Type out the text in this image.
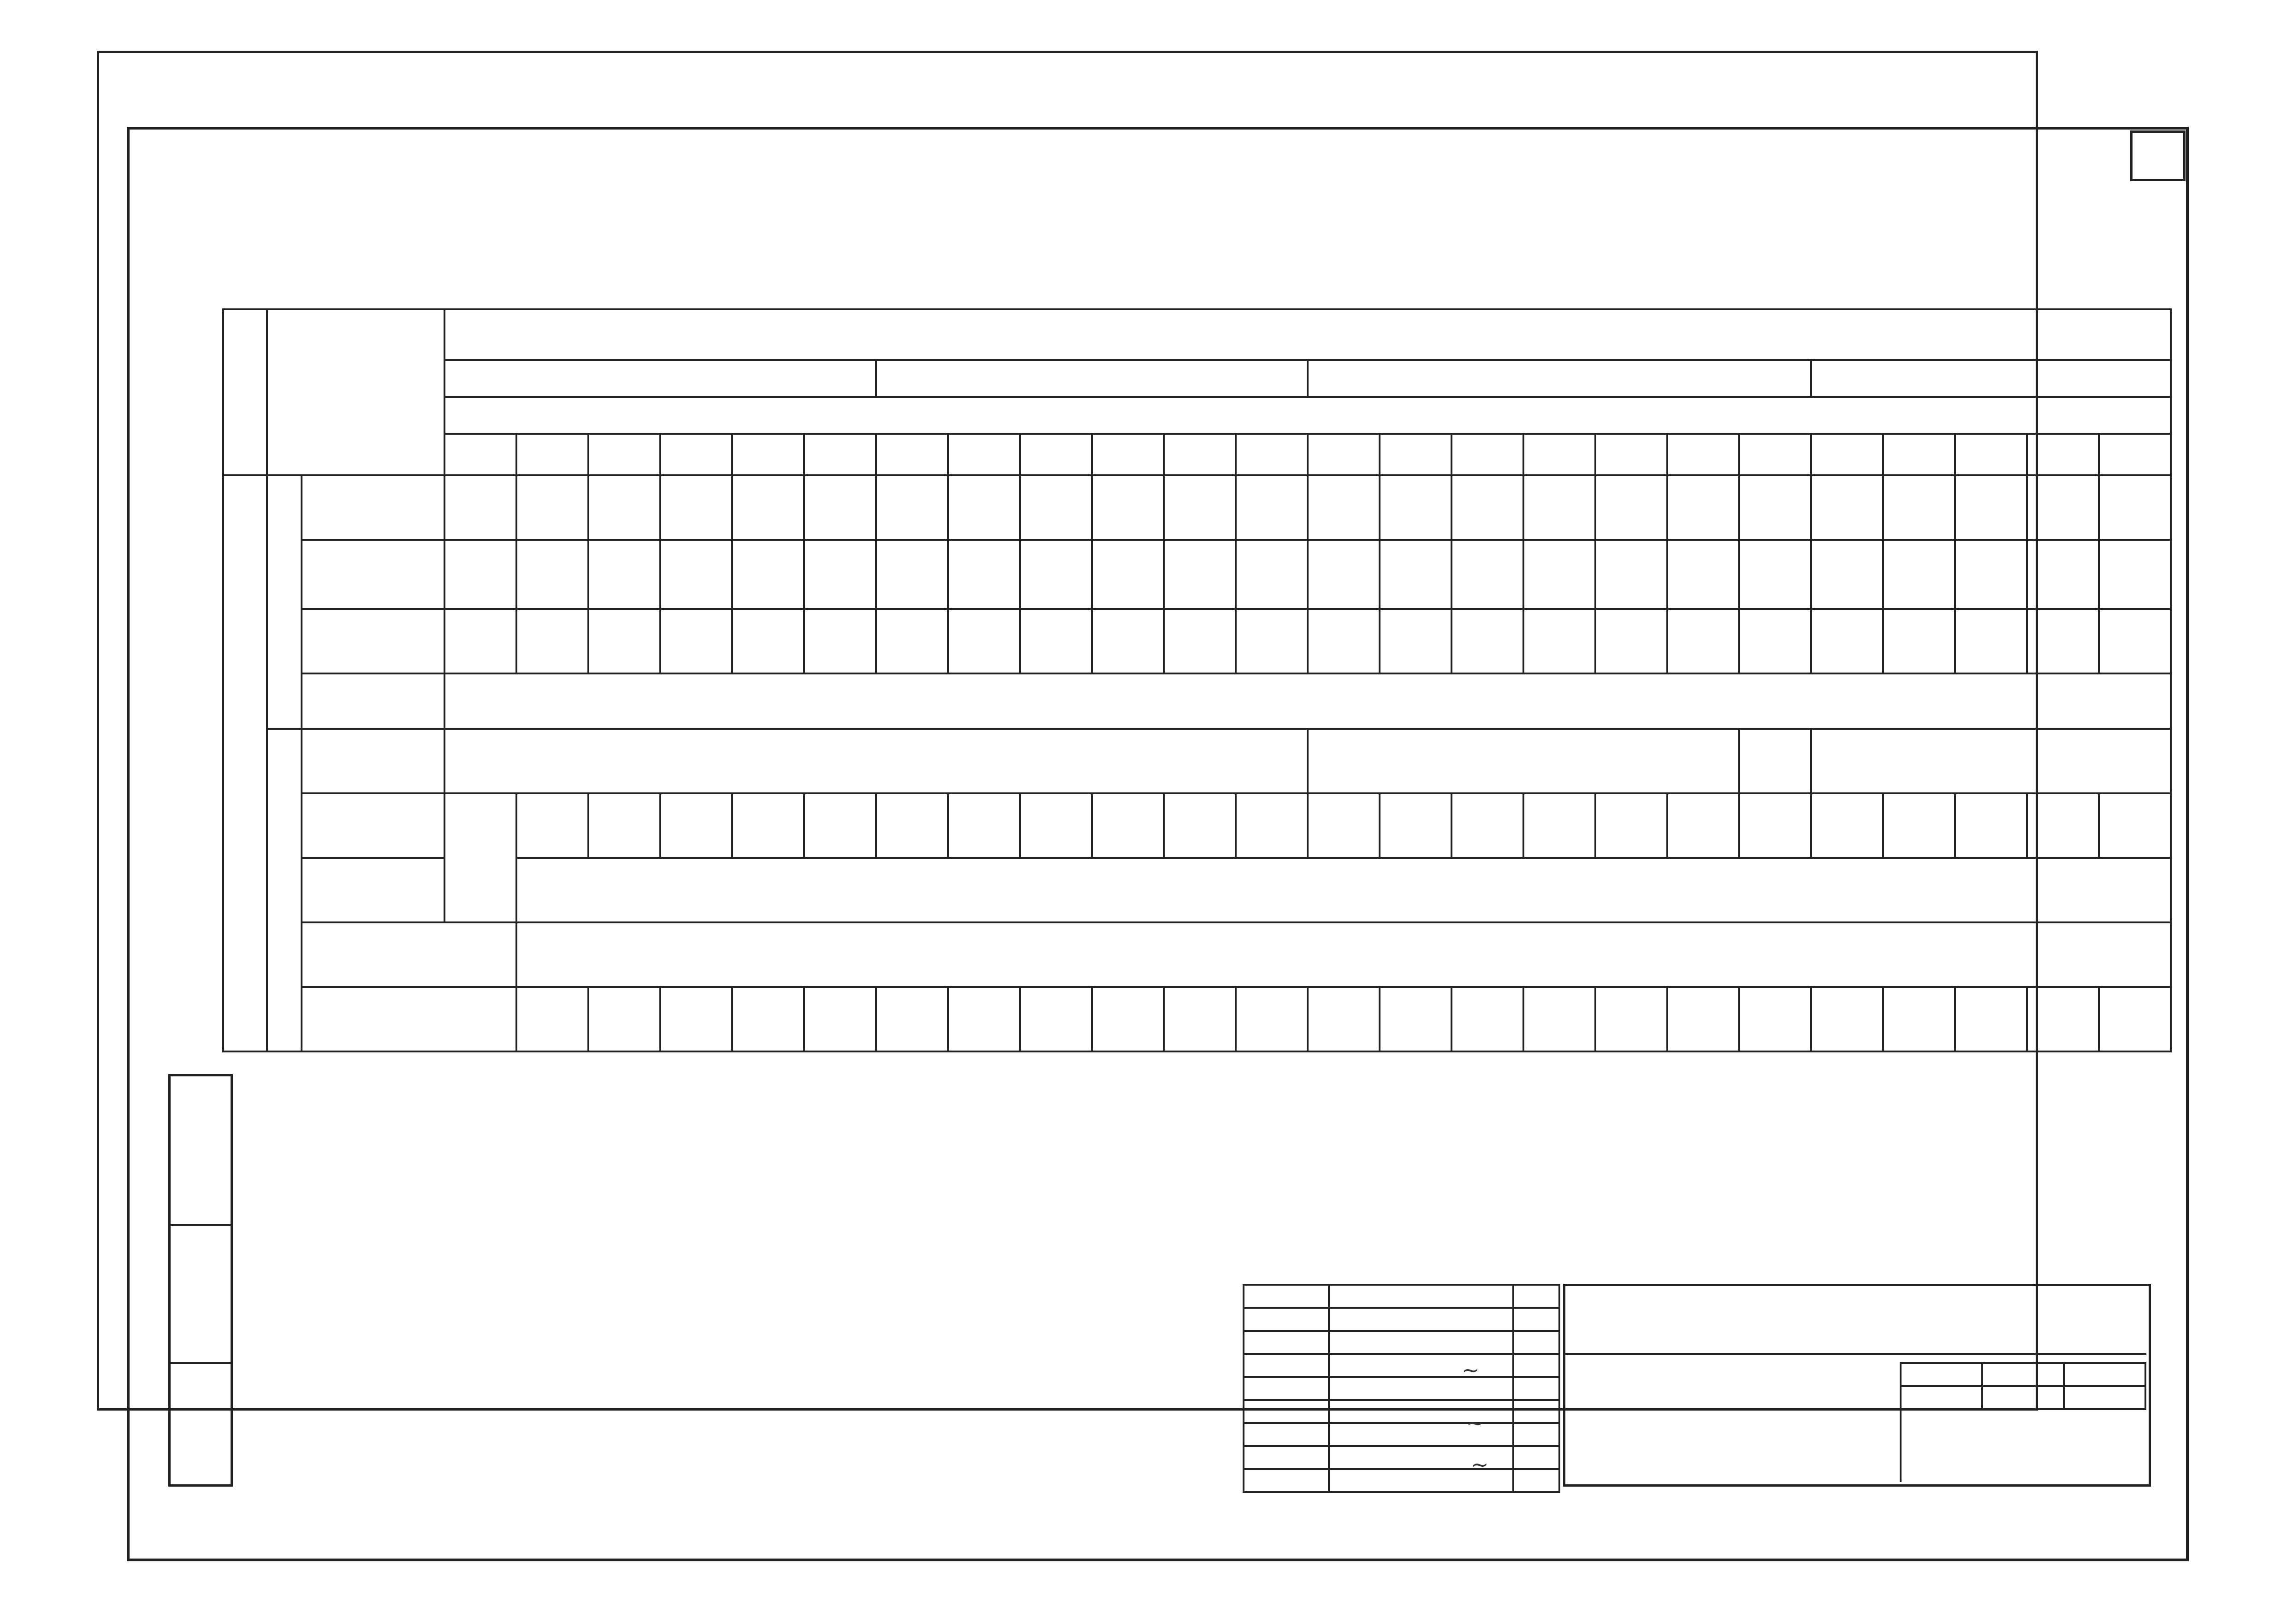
~
~
~
